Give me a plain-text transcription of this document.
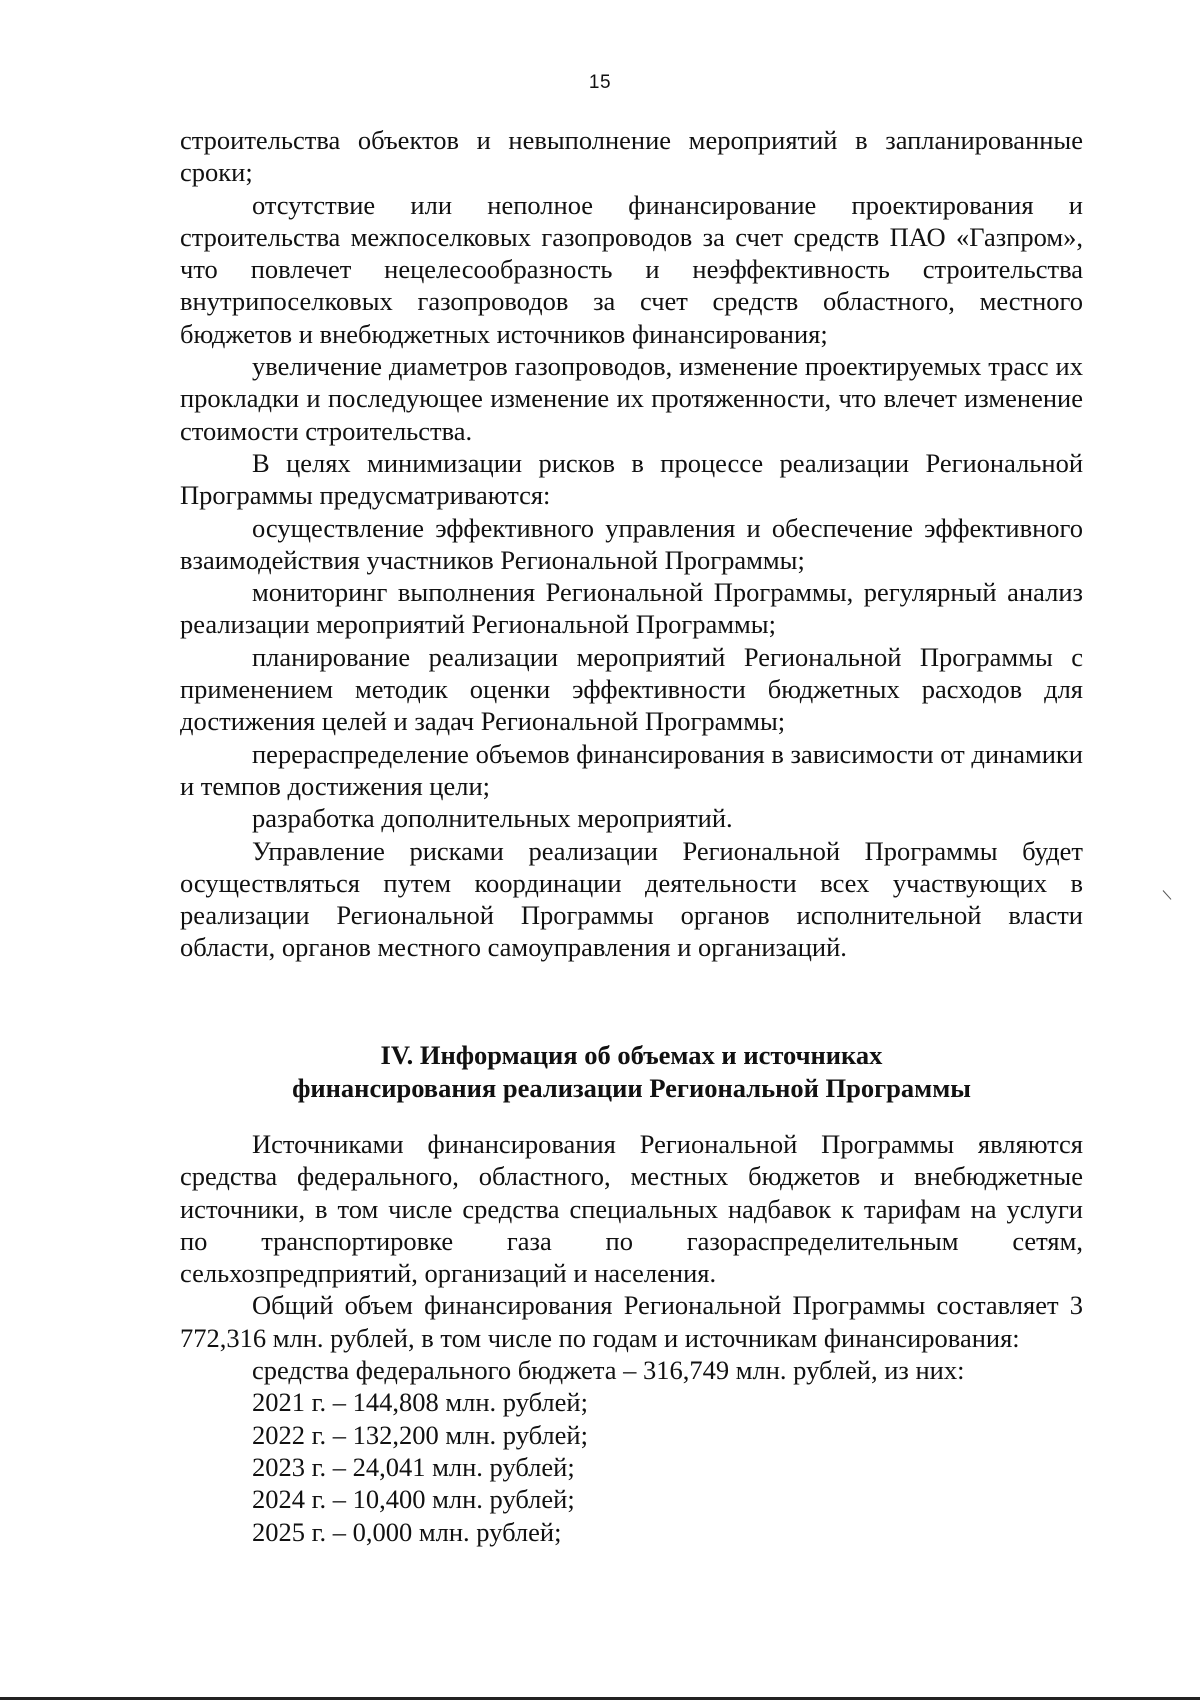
15

строительства объектов и невыполнение мероприятий в запланированные сроки;

отсутствие или неполное финансирование проектирования и строительства межпоселковых газопроводов за счет средств ПАО «Газпром», что повлечет нецелесообразность и неэффективность строительства внутрипоселковых газопроводов за счет средств областного, местного бюджетов и внебюджетных источников финансирования;

увеличение диаметров газопроводов, изменение проектируемых трасс их прокладки и последующее изменение их протяженности, что влечет изменение стоимости строительства.

В целях минимизации рисков в процессе реализации Региональной Программы предусматриваются:

осуществление эффективного управления и обеспечение эффективного взаимодействия участников Региональной Программы;

мониторинг выполнения Региональной Программы, регулярный анализ реализации мероприятий Региональной Программы;

планирование реализации мероприятий Региональной Программы с применением методик оценки эффективности бюджетных расходов для достижения целей и задач Региональной Программы;

перераспределение объемов финансирования в зависимости от динамики и темпов достижения цели;

разработка дополнительных мероприятий.

Управление рисками реализации Региональной Программы будет осуществляться путем координации деятельности всех участвующих в реализации Региональной Программы органов исполнительной власти области, органов местного самоуправления и организаций.

IV. Информация об объемах и источниках
финансирования реализации Региональной Программы

Источниками финансирования Региональной Программы являются средства федерального, областного, местных бюджетов и внебюджетные источники, в том числе средства специальных надбавок к тарифам на услуги по транспортировке газа по газораспределительным сетям, сельхозпредприятий, организаций и населения.

Общий объем финансирования Региональной Программы составляет 3 772,316 млн. рублей, в том числе по годам и источникам финансирования:

средства федерального бюджета – 316,749 млн. рублей, из них:

2021 г. – 144,808 млн. рублей;
2022 г. – 132,200 млн. рублей;
2023 г. – 24,041 млн. рублей;
2024 г. – 10,400 млн. рублей;
2025 г. – 0,000 млн. рублей;
